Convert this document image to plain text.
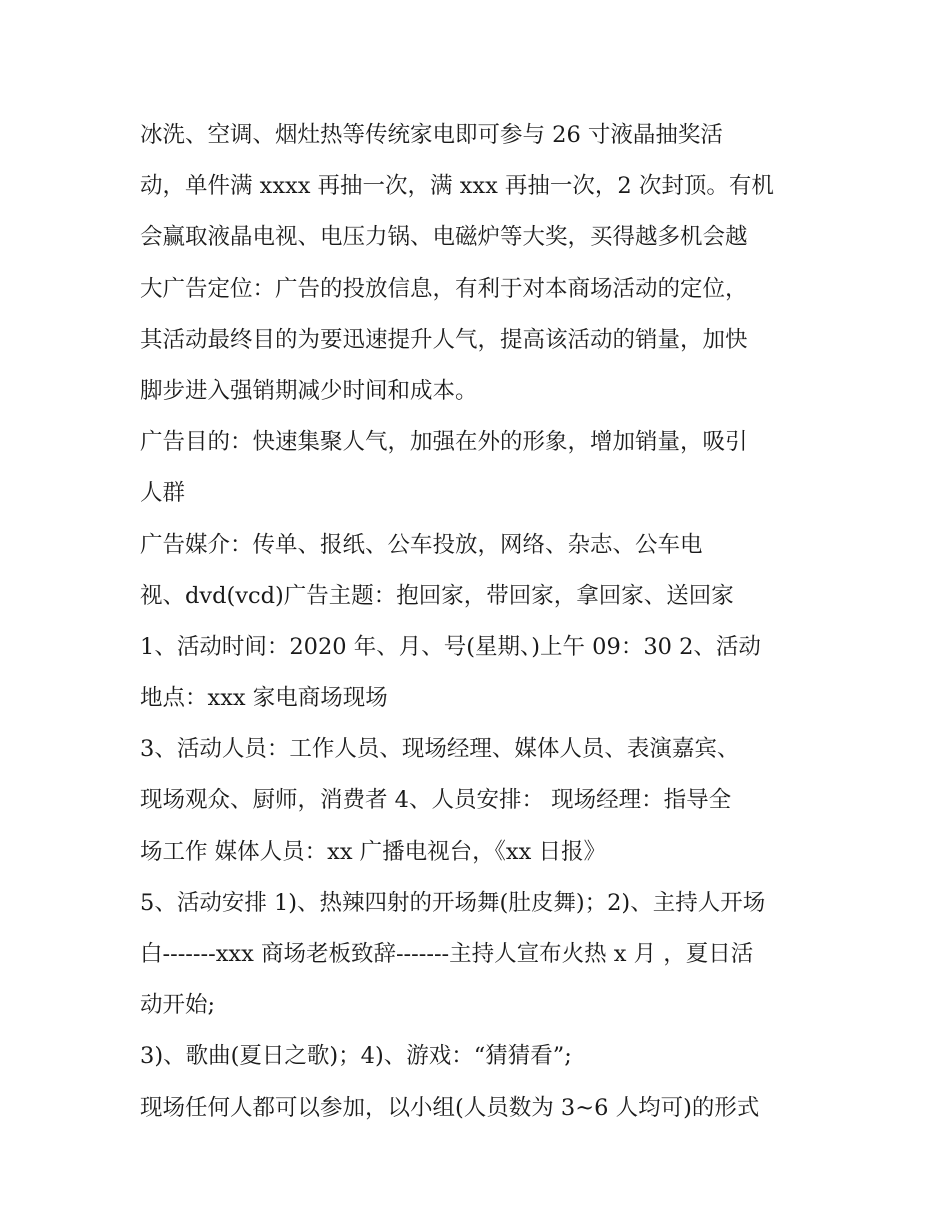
冰洗、空调、烟灶热等传统家电即可参与 26 寸液晶抽奖活
动，单件满 xxxx 再抽一次，满 xxx 再抽一次，2 次封顶。有机
会赢取液晶电视、电压力锅、电磁炉等大奖，买得越多机会越
大广告定位：广告的投放信息，有利于对本商场活动的定位，
其活动最终目的为要迅速提升人气，提高该活动的销量，加快
脚步进入强销期减少时间和成本。
广告目的：快速集聚人气，加强在外的形象，增加销量，吸引
人群
广告媒介：传单、报纸、公车投放，网络、杂志、公车电
视、dvd(vcd)广告主题：抱回家，带回家，拿回家、送回家
1、活动时间：2020 年、月、号(星期、)上午 09：30 2、活动
地点：xxx 家电商场现场
3、活动人员：工作人员、现场经理、媒体人员、表演嘉宾、
现场观众、厨师，消费者 4、人员安排： 现场经理：指导全
场工作 媒体人员：xx 广播电视台，《xx 日报》
5、活动安排 1)、热辣四射的开场舞(肚皮舞)；2)、主持人开场
白-------xxx 商场老板致辞-------主持人宣布火热 x 月 ，夏日活
动开始;
3)、歌曲(夏日之歌)；4)、游戏：“猜猜看”;
现场任何人都可以参加，以小组(人员数为 3~6 人均可)的形式
